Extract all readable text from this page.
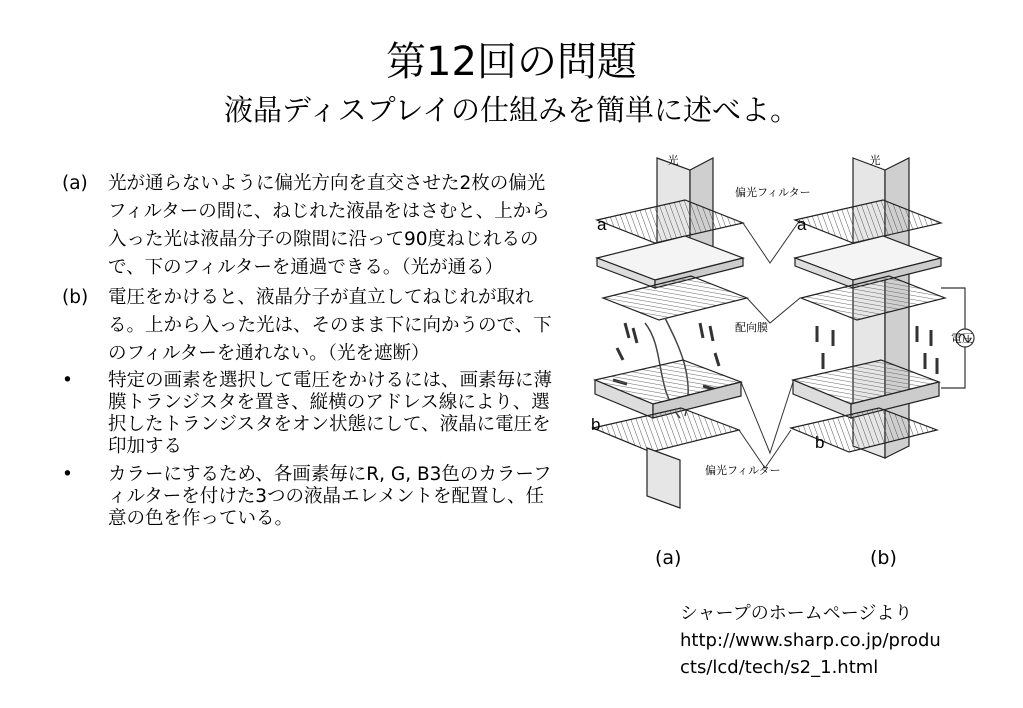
第12回の問題
液晶ディスプレイの仕組みを簡単に述べよ。
(a)	光が通らないように偏光方向を直交させた2枚の偏光フィルターの間に、ねじれた液晶をはさむと、上から 入った光は液晶分子の隙間に沿って90度ねじれるので、下のフィルターを通過できる。（光が通る）
(b)	電圧をかけると、液晶分子が直立してねじれが取れる。上から入った光は、そのまま下に向かうので、下のフィルターを通れない。（光を遮断）
•	特定の画素を選択して電圧をかけるには、画素毎に薄膜トランジスタを置き、縦横のアドレス線により、選択したトランジスタをオン状態にして、液晶に電圧を印加する
•	カラーにするため、各画素毎にR, G, B3色のカラーフィルターを付けた3つの液晶エレメントを配置し、任意の色を作っている。
光	光
偏光フィルター
配向膜
電圧
偏光フィルター
a	a
b
b
(a)	(b)
シャープのホームページより
http://www.sharp.co.jp/produ
cts/lcd/tech/s2_1.html
